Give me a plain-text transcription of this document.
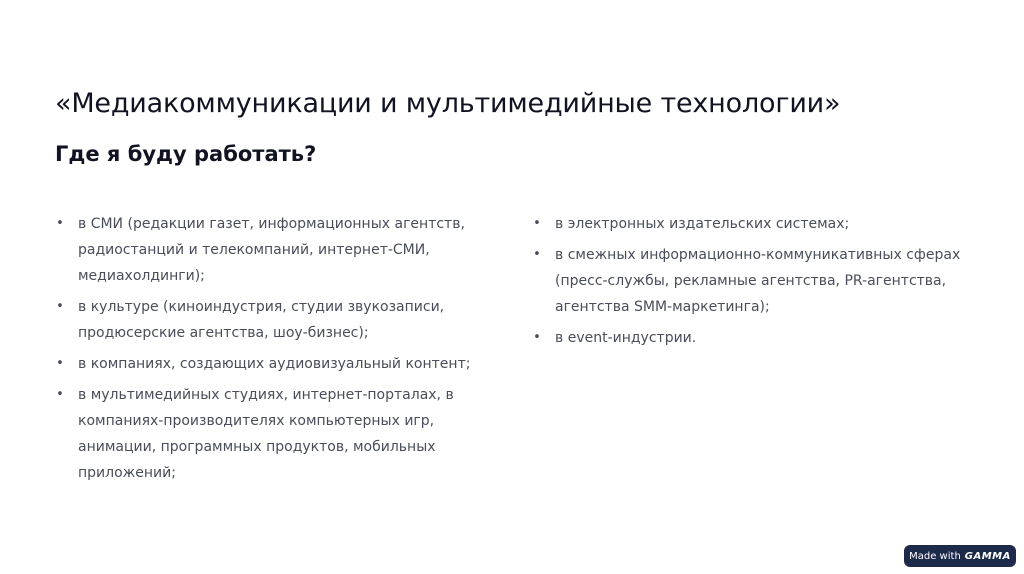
«Медиакоммуникации и мультимедийные технологии»
Где я буду работать?
• в СМИ (редакции газет, информационных агентств, радиостанций и телекомпаний, интернет-СМИ, медиахолдинги);
• в культуре (киноиндустрия, студии звукозаписи, продюсерские агентства, шоу-бизнес);
• в компаниях, создающих аудиовизуальный контент;
• в мультимедийных студиях, интернет-порталах, в компаниях-производителях компьютерных игр, анимации, программных продуктов, мобильных приложений;
• в электронных издательских системах;
• в смежных информационно-коммуникативных сферах (пресс-службы, рекламные агентства, PR-агентства, агентства SMM-маркетинга);
• в event-индустрии.
Made with GAMMA
